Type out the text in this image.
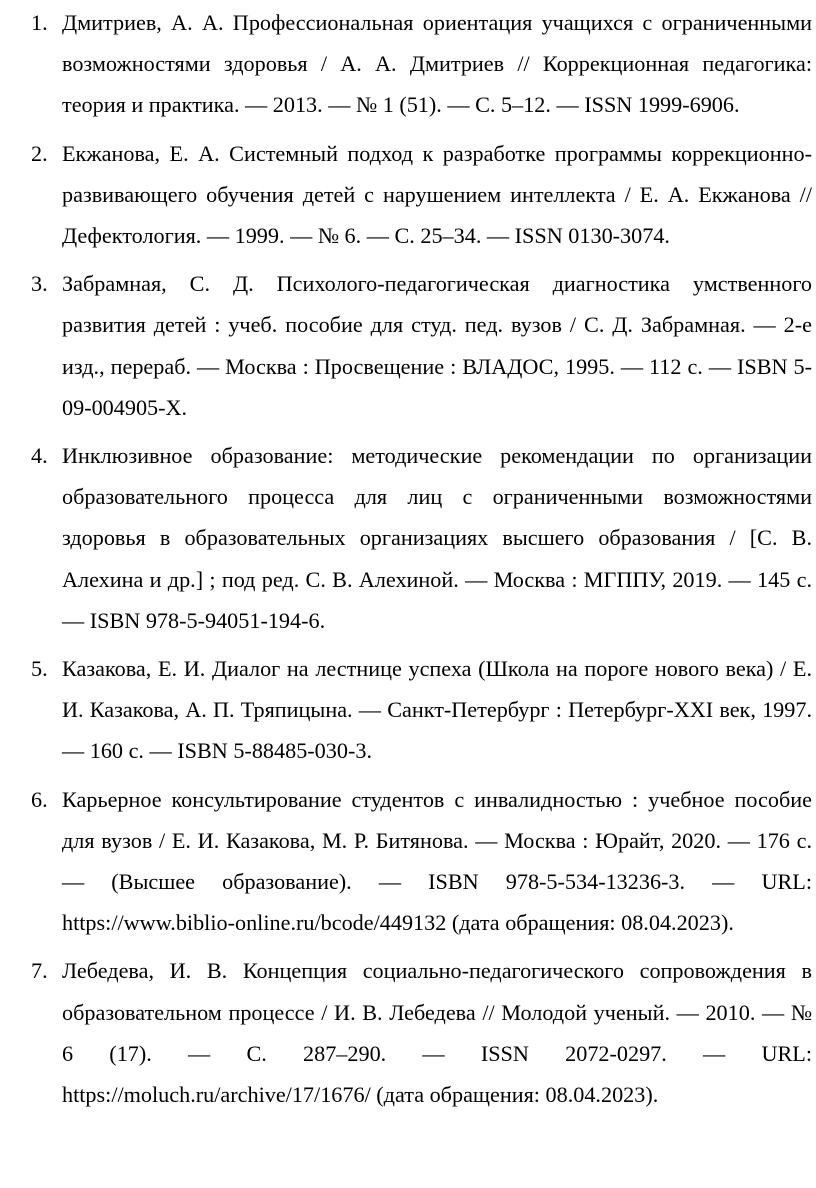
1. Дмитриев, А. А. Профессиональная ориентация учащихся с ограниченными возможностями здоровья / А. А. Дмитриев // Коррекционная педагогика: теория и практика. — 2013. — № 1 (51). — С. 5–12. — ISSN 1999-6906.
2. Екжанова, Е. А. Системный подход к разработке программы коррекционно-развивающего обучения детей с нарушением интеллекта / Е. А. Екжанова // Дефектология. — 1999. — № 6. — С. 25–34. — ISSN 0130-3074.
3. Забрамная, С. Д. Психолого-педагогическая диагностика умственного развития детей : учеб. пособие для студ. пед. вузов / С. Д. Забрамная. — 2-е изд., перераб. — Москва : Просвещение : ВЛАДОС, 1995. — 112 с. — ISBN 5-09-004905-X.
4. Инклюзивное образование: методические рекомендации по организации образовательного процесса для лиц с ограниченными возможностями здоровья в образовательных организациях высшего образования / [С. В. Алехина и др.] ; под ред. С. В. Алехиной. — Москва : МГППУ, 2019. — 145 с. — ISBN 978-5-94051-194-6.
5. Казакова, Е. И. Диалог на лестнице успеха (Школа на пороге нового века) / Е. И. Казакова, А. П. Тряпицына. — Санкт-Петербург : Петербург-XXI век, 1997. — 160 с. — ISBN 5-88485-030-3.
6. Карьерное консультирование студентов с инвалидностью : учебное пособие для вузов / Е. И. Казакова, М. Р. Битянова. — Москва : Юрайт, 2020. — 176 с. — (Высшее образование). — ISBN 978-5-534-13236-3. — URL: https://www.biblio-online.ru/bcode/449132 (дата обращения: 08.04.2023).
7. Лебедева, И. В. Концепция социально-педагогического сопровождения в образовательном процессе / И. В. Лебедева // Молодой ученый. — 2010. — № 6 (17). — С. 287–290. — ISSN 2072-0297. — URL: https://moluch.ru/archive/17/1676/ (дата обращения: 08.04.2023).
